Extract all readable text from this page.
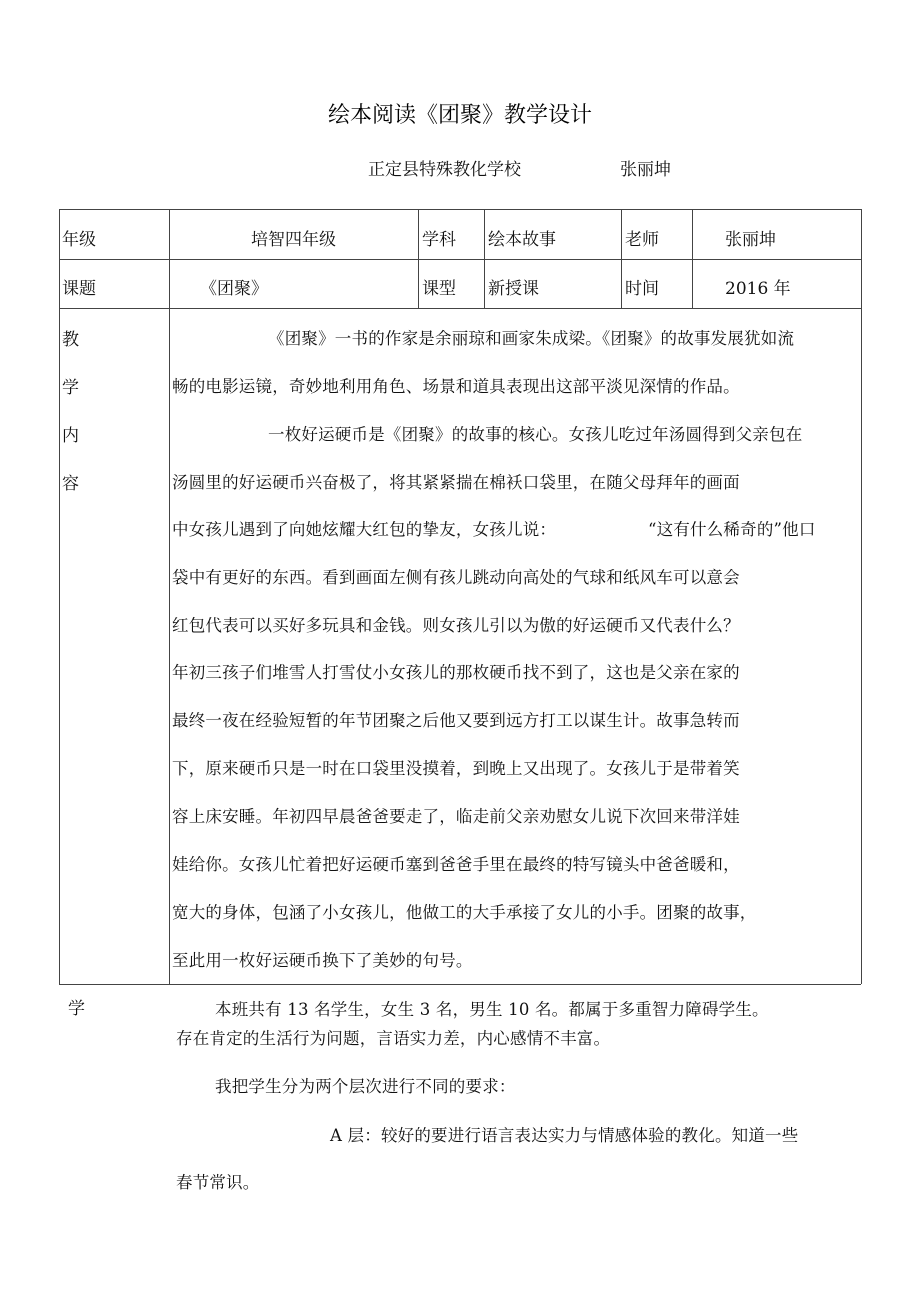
绘本阅读《团聚》教学设计
正定县特殊教化学校	张丽坤
年级	培智四年级	学科 绘本故事	老师	张丽坤
课题	《团聚》	课型 新授课	时间	2016 年
教
学
内
容
《团聚》一书的作家是余丽琼和画家朱成梁。《团聚》的故事发展犹如流
畅的电影运镜，奇妙地利用角色、场景和道具表现出这部平淡见深情的作品。
一枚好运硬币是《团聚》的故事的核心。女孩儿吃过年汤圆得到父亲包在
汤圆里的好运硬币兴奋极了，将其紧紧揣在棉袄口袋里，在随父母拜年的画面
中女孩儿遇到了向她炫耀大红包的挚友，女孩儿说：	“这有什么稀奇的”他口
袋中有更好的东西。看到画面左侧有孩儿跳动向高处的气球和纸风车可以意会
红包代表可以买好多玩具和金钱。则女孩儿引以为傲的好运硬币又代表什么？
年初三孩子们堆雪人打雪仗小女孩儿的那枚硬币找不到了，这也是父亲在家的
最终一夜在经验短暂的年节团聚之后他又要到远方打工以谋生计。故事急转而
下，原来硬币只是一时在口袋里没摸着，到晚上又出现了。女孩儿于是带着笑
容上床安睡。年初四早晨爸爸要走了，临走前父亲劝慰女儿说下次回来带洋娃
娃给你。女孩儿忙着把好运硬币塞到爸爸手里在最终的特写镜头中爸爸暖和，
宽大的身体，包涵了小女孩儿，他做工的大手承接了女儿的小手。团聚的故事，
至此用一枚好运硬币换下了美妙的句号。
学	本班共有 13 名学生，女生 3 名，男生 10 名。都属于多重智力障碍学生。
存在肯定的生活行为问题，言语实力差，内心感情不丰富。
我把学生分为两个层次进行不同的要求：
A 层：较好的要进行语言表达实力与情感体验的教化。知道一些
春节常识。
